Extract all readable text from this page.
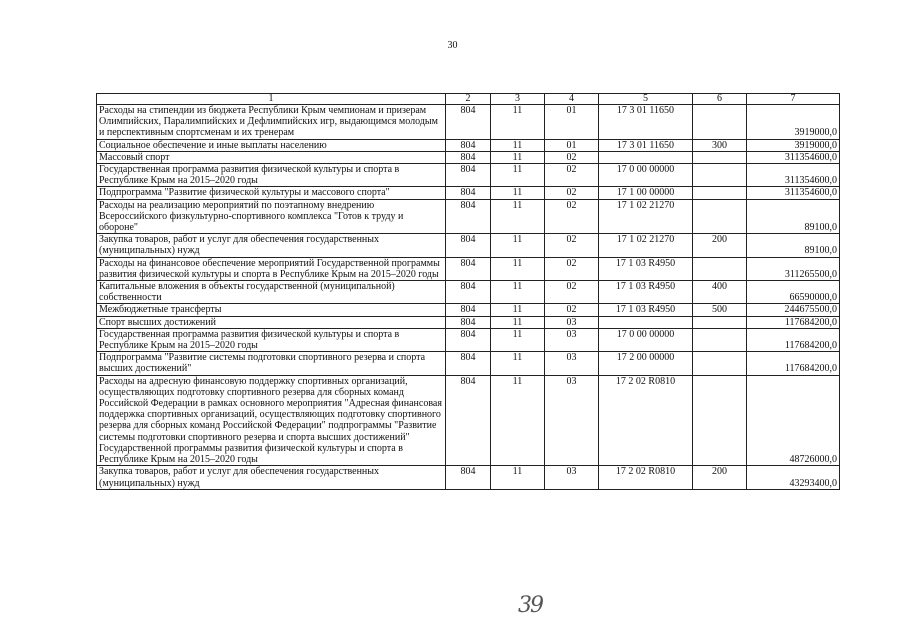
30
1	2	3	4	5	6	7
Расходы на стипендии из бюджета Республики Крым чемпионам и призерам Олимпийских, Паралимпийских и Дефлимпийских игр, выдающимся молодым и перспективным спортсменам и их тренерам	804	11	01	17 3 01 11650		3919000,0
Социальное обеспечение и иные выплаты населению	804	11	01	17 3 01 11650	300	3919000,0
Массовый спорт	804	11	02			311354600,0
Государственная программа развития физической культуры и спорта в Республике Крым на 2015–2020 годы	804	11	02	17 0 00 00000		311354600,0
Подпрограмма "Развитие физической культуры и массового спорта"	804	11	02	17 1 00 00000		311354600,0
Расходы на реализацию мероприятий по поэтапному внедрению Всероссийского физкультурно-спортивного комплекса "Готов к труду и обороне"	804	11	02	17 1 02 21270		89100,0
Закупка товаров, работ и услуг для обеспечения государственных (муниципальных) нужд	804	11	02	17 1 02 21270	200	89100,0
Расходы на финансовое обеспечение мероприятий Государственной программы развития физической культуры и спорта в Республике Крым на 2015–2020 годы	804	11	02	17 1 03 R4950		311265500,0
Капитальные вложения в объекты государственной (муниципальной) собственности	804	11	02	17 1 03 R4950	400	66590000,0
Межбюджетные трансферты	804	11	02	17 1 03 R4950	500	244675500,0
Спорт высших достижений	804	11	03			117684200,0
Государственная программа развития физической культуры и спорта в Республике Крым на 2015–2020 годы	804	11	03	17 0 00 00000		117684200,0
Подпрограмма "Развитие системы подготовки спортивного резерва и спорта высших достижений"	804	11	03	17 2 00 00000		117684200,0
Расходы на адресную финансовую поддержку спортивных организаций, осуществляющих подготовку спортивного резерва для сборных команд Российской Федерации в рамках основного мероприятия "Адресная финансовая поддержка спортивных организаций, осуществляющих подготовку спортивного резерва для сборных команд Российской Федерации" подпрограммы "Развитие системы подготовки спортивного резерва и спорта высших достижений" Государственной программы развития физической культуры и спорта в Республике Крым на 2015–2020 годы	804	11	03	17 2 02 R0810		48726000,0
Закупка товаров, работ и услуг для обеспечения государственных (муниципальных) нужд	804	11	03	17 2 02 R0810	200	43293400,0
39
